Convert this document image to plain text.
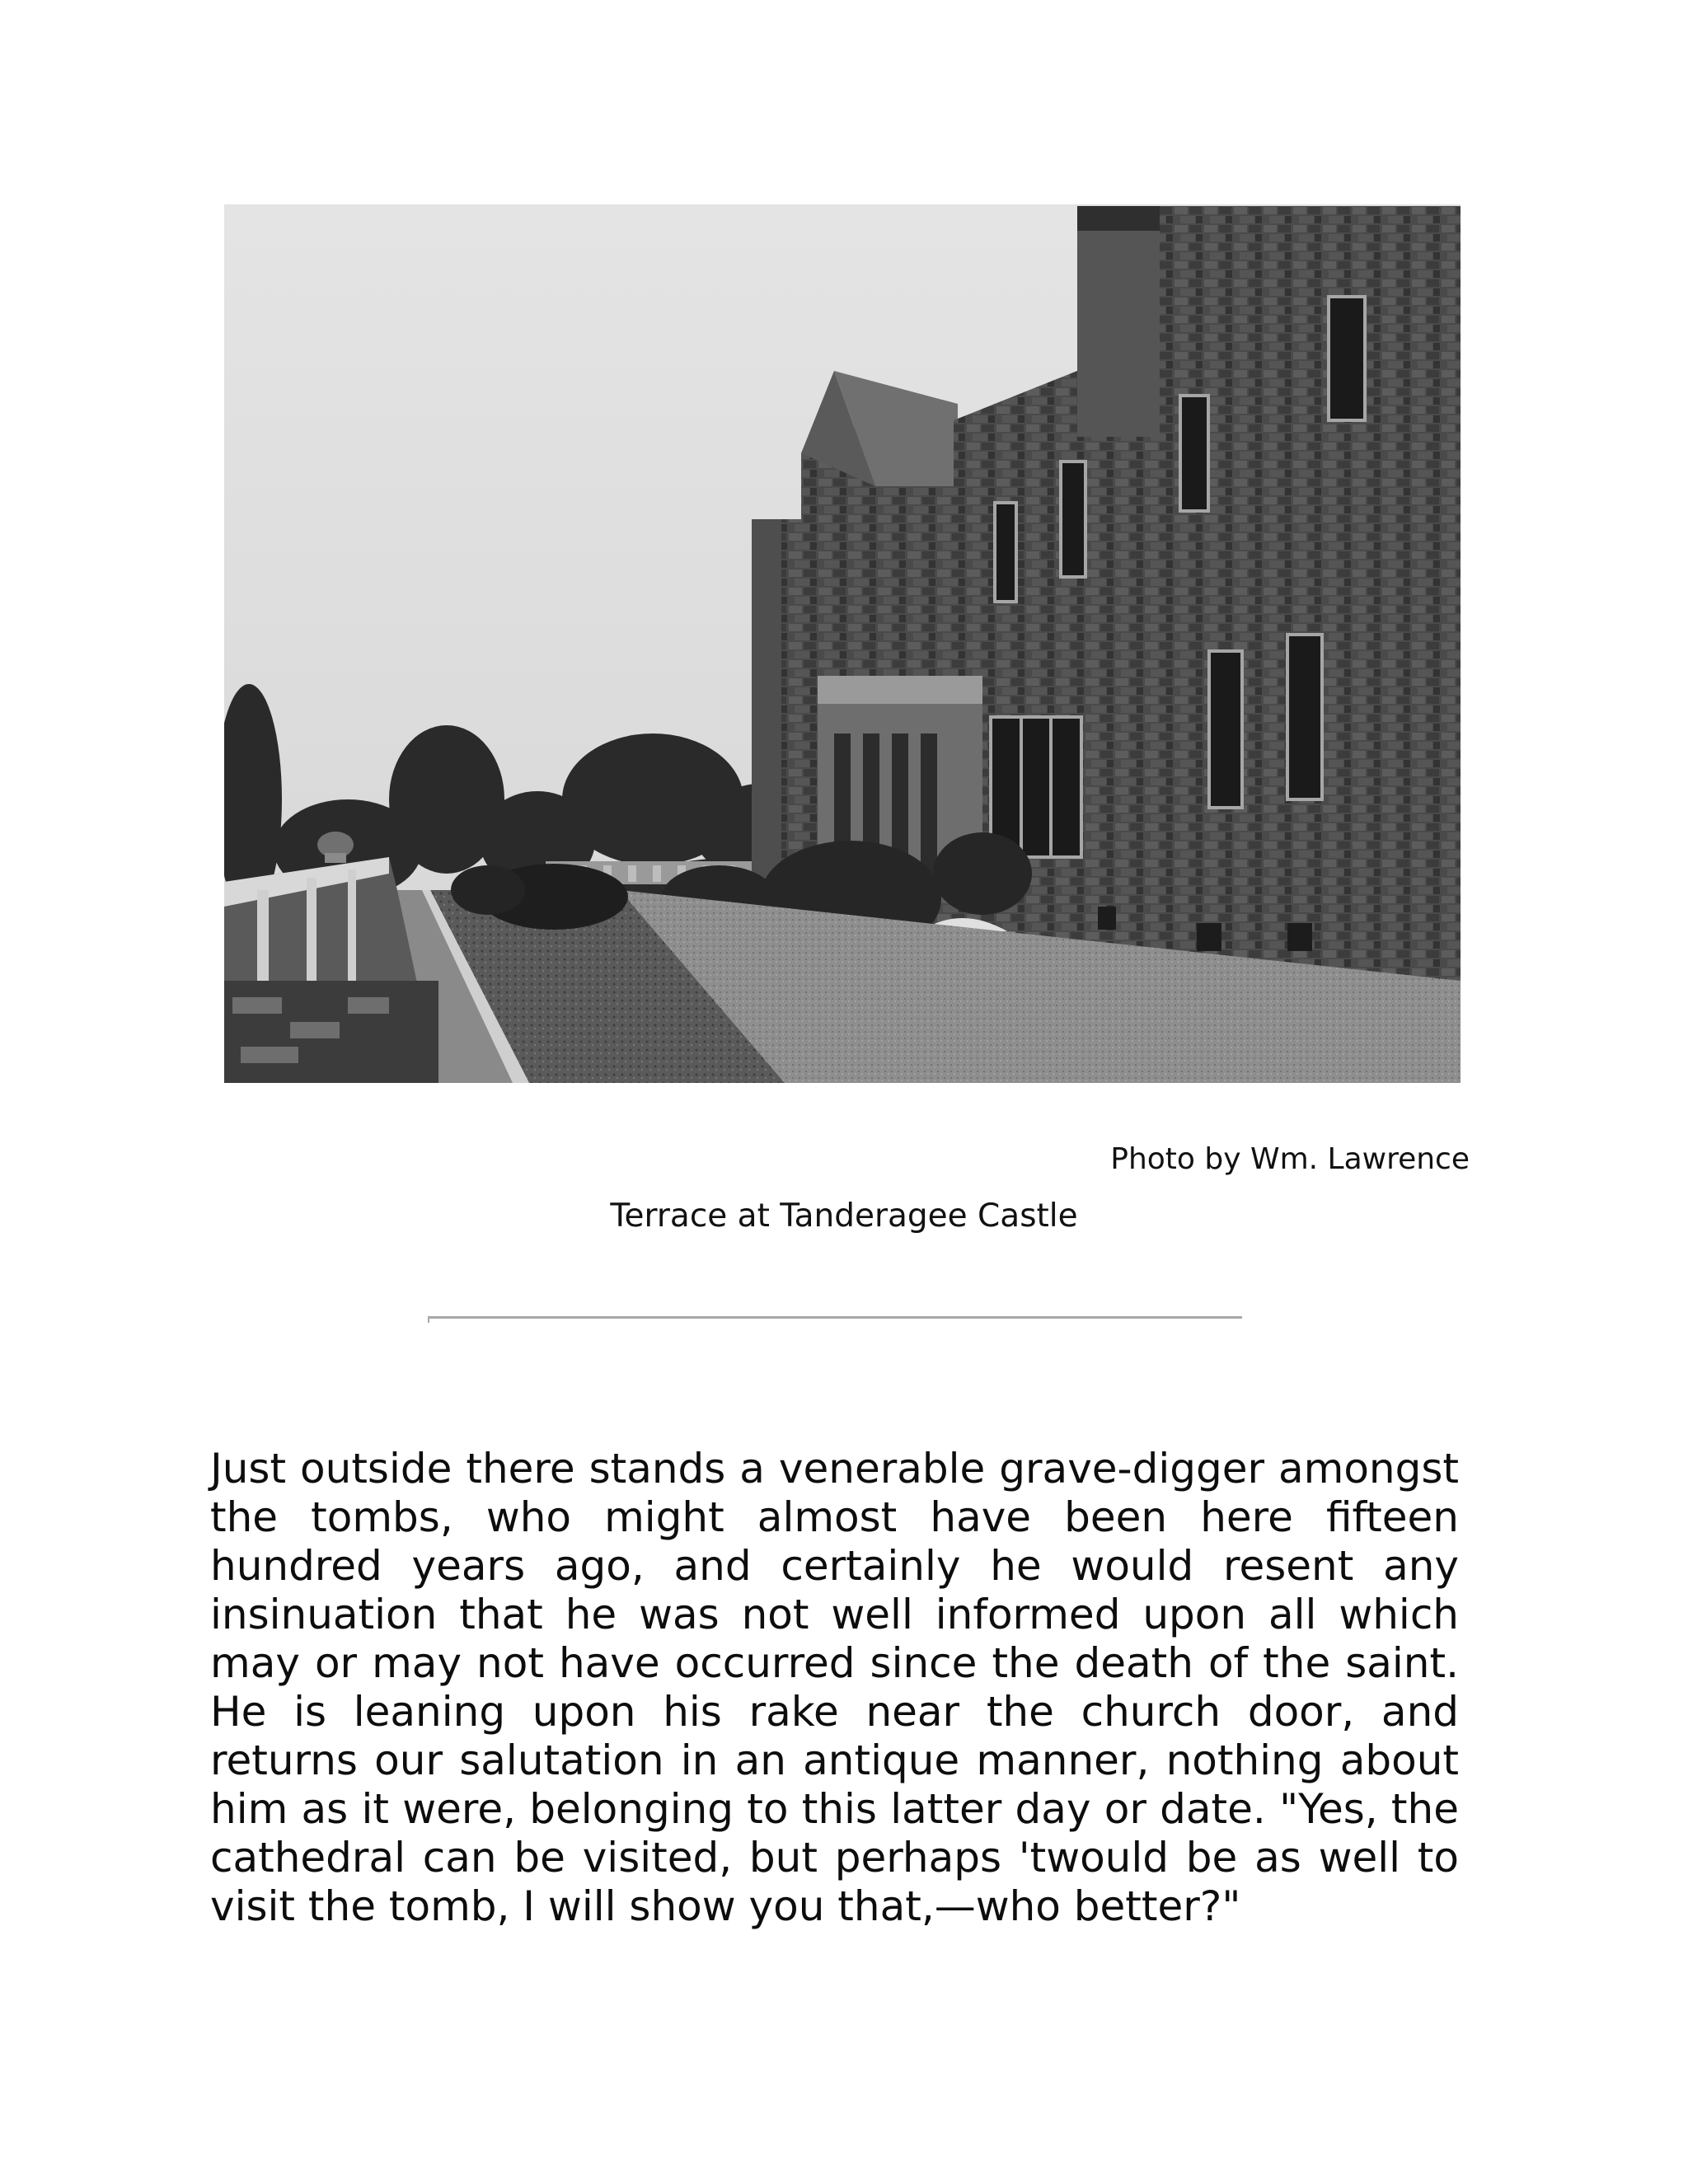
Photo by Wm. Lawrence
Terrace at Tanderagee Castle

Just outside there stands a venerable grave-digger amongst the tombs, who might almost have been here fifteen hundred years ago, and certainly he would resent any insinuation that he was not well informed upon all which may or may not have occurred since the death of the saint. He is leaning upon his rake near the church door, and returns our salutation in an antique manner, nothing about him as it were, belonging to this latter day or date. "Yes, the cathedral can be visited, but perhaps 'twould be as well to visit the tomb, I will show you that,—who better?"
